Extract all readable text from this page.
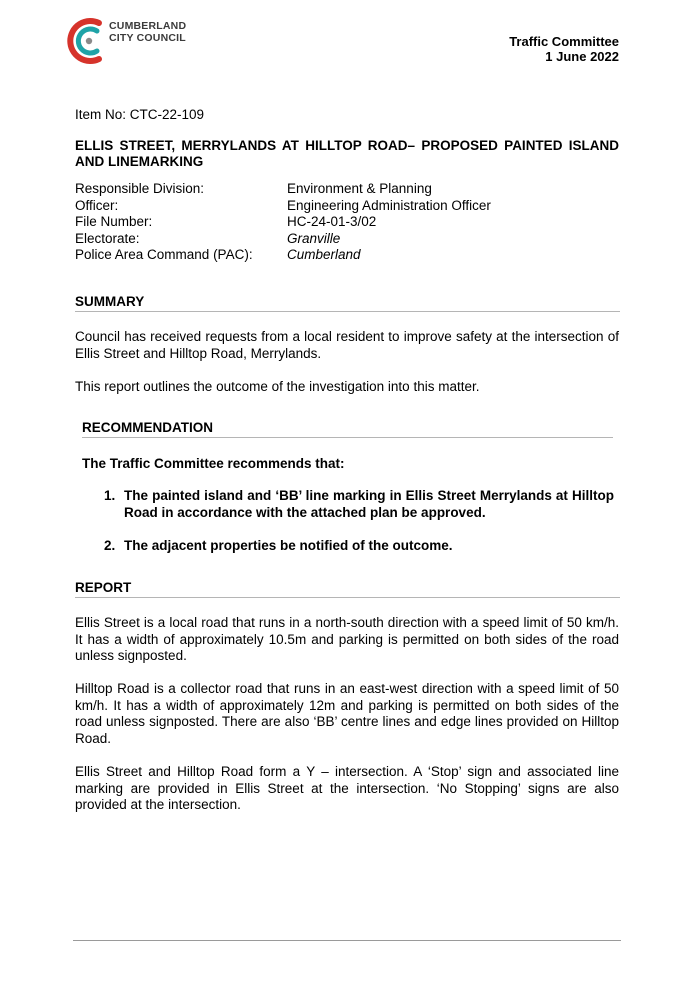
CUMBERLAND
CITY COUNCIL	Traffic Committee
1 June 2022
Item No: CTC-22-109
ELLIS STREET, MERRYLANDS AT HILLTOP ROAD– PROPOSED PAINTED ISLAND AND LINEMARKING
Responsible Division:	Environment & Planning
Officer:	Engineering Administration Officer
File Number:	HC-24-01-3/02
Electorate:	Granville
Police Area Command (PAC):	Cumberland
SUMMARY
Council has received requests from a local resident to improve safety at the intersection of Ellis Street and Hilltop Road, Merrylands.
This report outlines the outcome of the investigation into this matter.
RECOMMENDATION
The Traffic Committee recommends that:
1. The painted island and ‘BB’ line marking in Ellis Street Merrylands at Hilltop Road in accordance with the attached plan be approved.
2. The adjacent properties be notified of the outcome.
REPORT
Ellis Street is a local road that runs in a north-south direction with a speed limit of 50 km/h. It has a width of approximately 10.5m and parking is permitted on both sides of the road unless signposted.
Hilltop Road is a collector road that runs in an east-west direction with a speed limit of 50 km/h. It has a width of approximately 12m and parking is permitted on both sides of the road unless signposted. There are also ‘BB’ centre lines and edge lines provided on Hilltop Road.
Ellis Street and Hilltop Road form a Y – intersection. A ‘Stop’ sign and associated line marking are provided in Ellis Street at the intersection. ‘No Stopping’ signs are also provided at the intersection.
